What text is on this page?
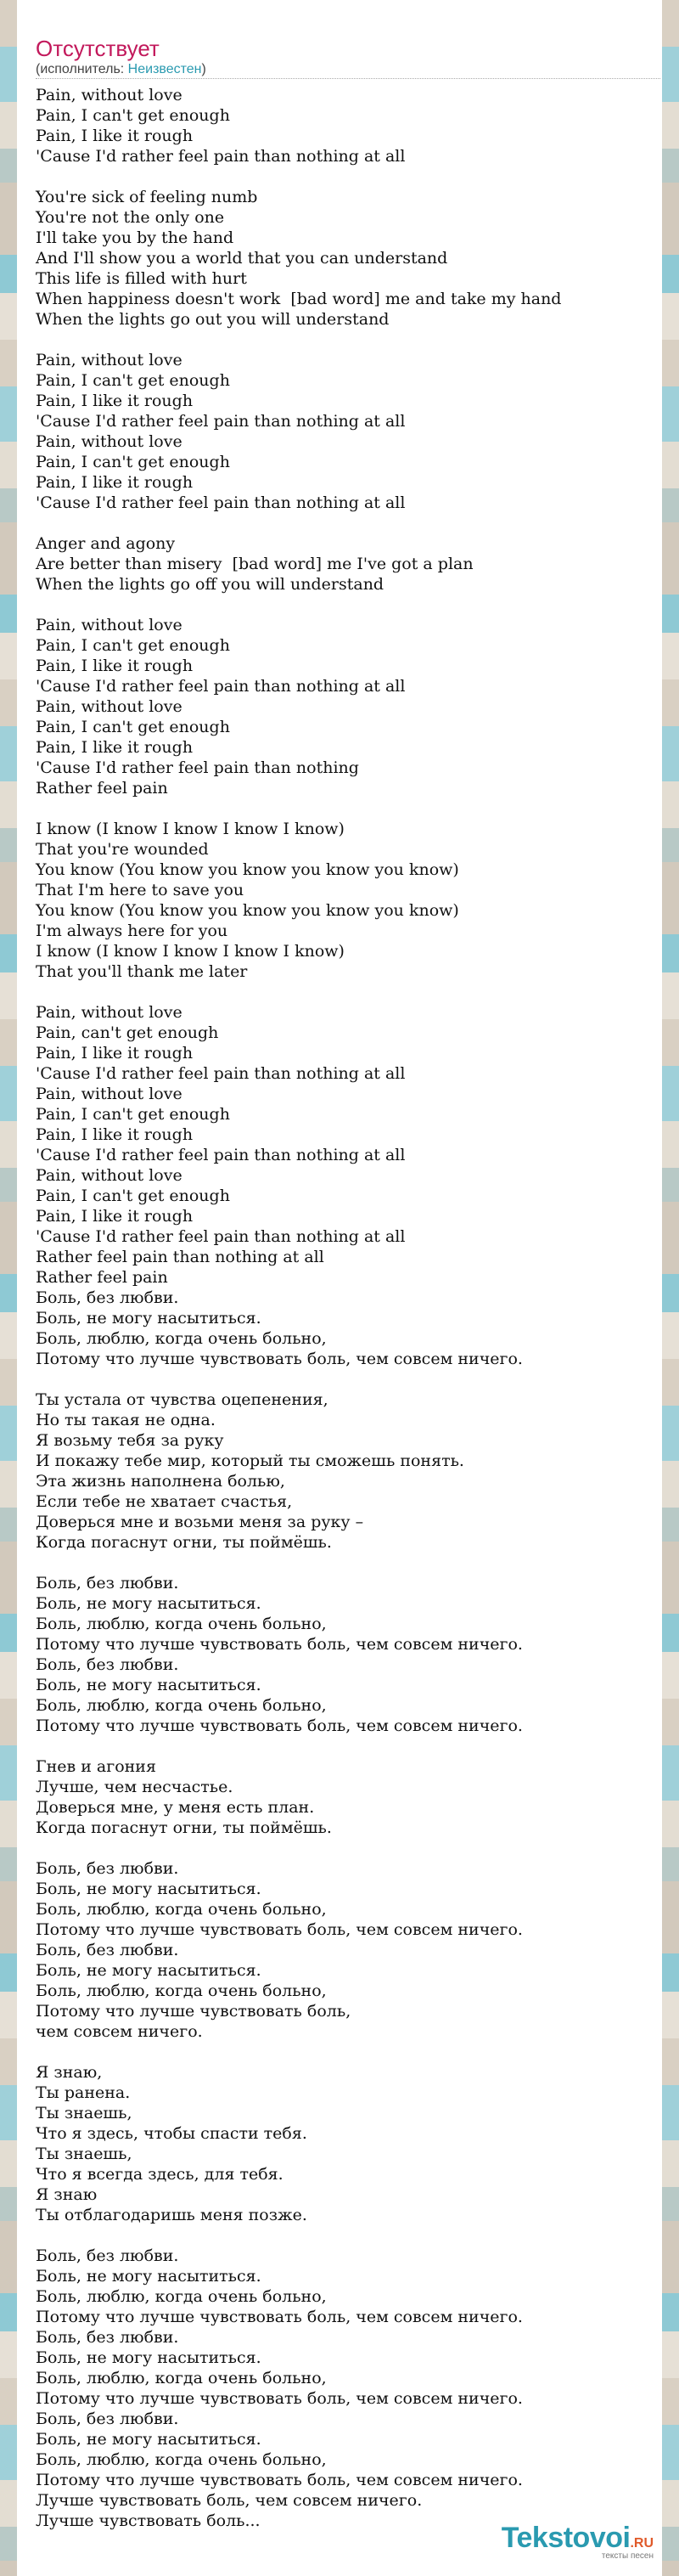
Отсутствует
(исполнитель: Неизвестен)
Pain, without love
Pain, I can't get enough
Pain, I like it rough
'Cause I'd rather feel pain than nothing at all

You're sick of feeling numb
You're not the only one
I'll take you by the hand
And I'll show you a world that you can understand
This life is filled with hurt
When happiness doesn't work  [bad word] me and take my hand
When the lights go out you will understand

Pain, without love
Pain, I can't get enough
Pain, I like it rough
'Cause I'd rather feel pain than nothing at all
Pain, without love
Pain, I can't get enough
Pain, I like it rough
'Cause I'd rather feel pain than nothing at all

Anger and agony
Are better than misery  [bad word] me I've got a plan
When the lights go off you will understand

Pain, without love
Pain, I can't get enough
Pain, I like it rough
'Cause I'd rather feel pain than nothing at all
Pain, without love
Pain, I can't get enough
Pain, I like it rough
'Cause I'd rather feel pain than nothing
Rather feel pain

I know (I know I know I know I know)
That you're wounded
You know (You know you know you know you know)
That I'm here to save you
You know (You know you know you know you know)
I'm always here for you
I know (I know I know I know I know)
That you'll thank me later

Pain, without love
Pain, can't get enough
Pain, I like it rough
'Cause I'd rather feel pain than nothing at all
Pain, without love
Pain, I can't get enough
Pain, I like it rough
'Cause I'd rather feel pain than nothing at all
Pain, without love
Pain, I can't get enough
Pain, I like it rough
'Cause I'd rather feel pain than nothing at all
Rather feel pain than nothing at all
Rather feel pain
Боль, без любви.
Боль, не могу насытиться.
Боль, люблю, когда очень больно,
Потому что лучше чувствовать боль, чем совсем ничего.

Ты устала от чувства оцепенения,
Но ты такая не одна.
Я возьму тебя за руку
И покажу тебе мир, который ты сможешь понять.
Эта жизнь наполнена болью,
Если тебе не хватает счастья,
Доверься мне и возьми меня за руку –
Когда погаснут огни, ты поймёшь.

Боль, без любви.
Боль, не могу насытиться.
Боль, люблю, когда очень больно,
Потому что лучше чувствовать боль, чем совсем ничего.
Боль, без любви.
Боль, не могу насытиться.
Боль, люблю, когда очень больно,
Потому что лучше чувствовать боль, чем совсем ничего.

Гнев и агония
Лучше, чем несчастье.
Доверься мне, у меня есть план.
Когда погаснут огни, ты поймёшь.

Боль, без любви.
Боль, не могу насытиться.
Боль, люблю, когда очень больно,
Потому что лучше чувствовать боль, чем совсем ничего.
Боль, без любви.
Боль, не могу насытиться.
Боль, люблю, когда очень больно,
Потому что лучше чувствовать боль,
чем совсем ничего.

Я знаю,
Ты ранена.
Ты знаешь,
Что я здесь, чтобы спасти тебя.
Ты знаешь,
Что я всегда здесь, для тебя.
Я знаю
Ты отблагодаришь меня позже.

Боль, без любви.
Боль, не могу насытиться.
Боль, люблю, когда очень больно,
Потому что лучше чувствовать боль, чем совсем ничего.
Боль, без любви.
Боль, не могу насытиться.
Боль, люблю, когда очень больно,
Потому что лучше чувствовать боль, чем совсем ничего.
Боль, без любви.
Боль, не могу насытиться.
Боль, люблю, когда очень больно,
Потому что лучше чувствовать боль, чем совсем ничего.
Лучше чувствовать боль, чем совсем ничего.
Лучше чувствовать боль...
Tekstovoi.RU
тексты песен
